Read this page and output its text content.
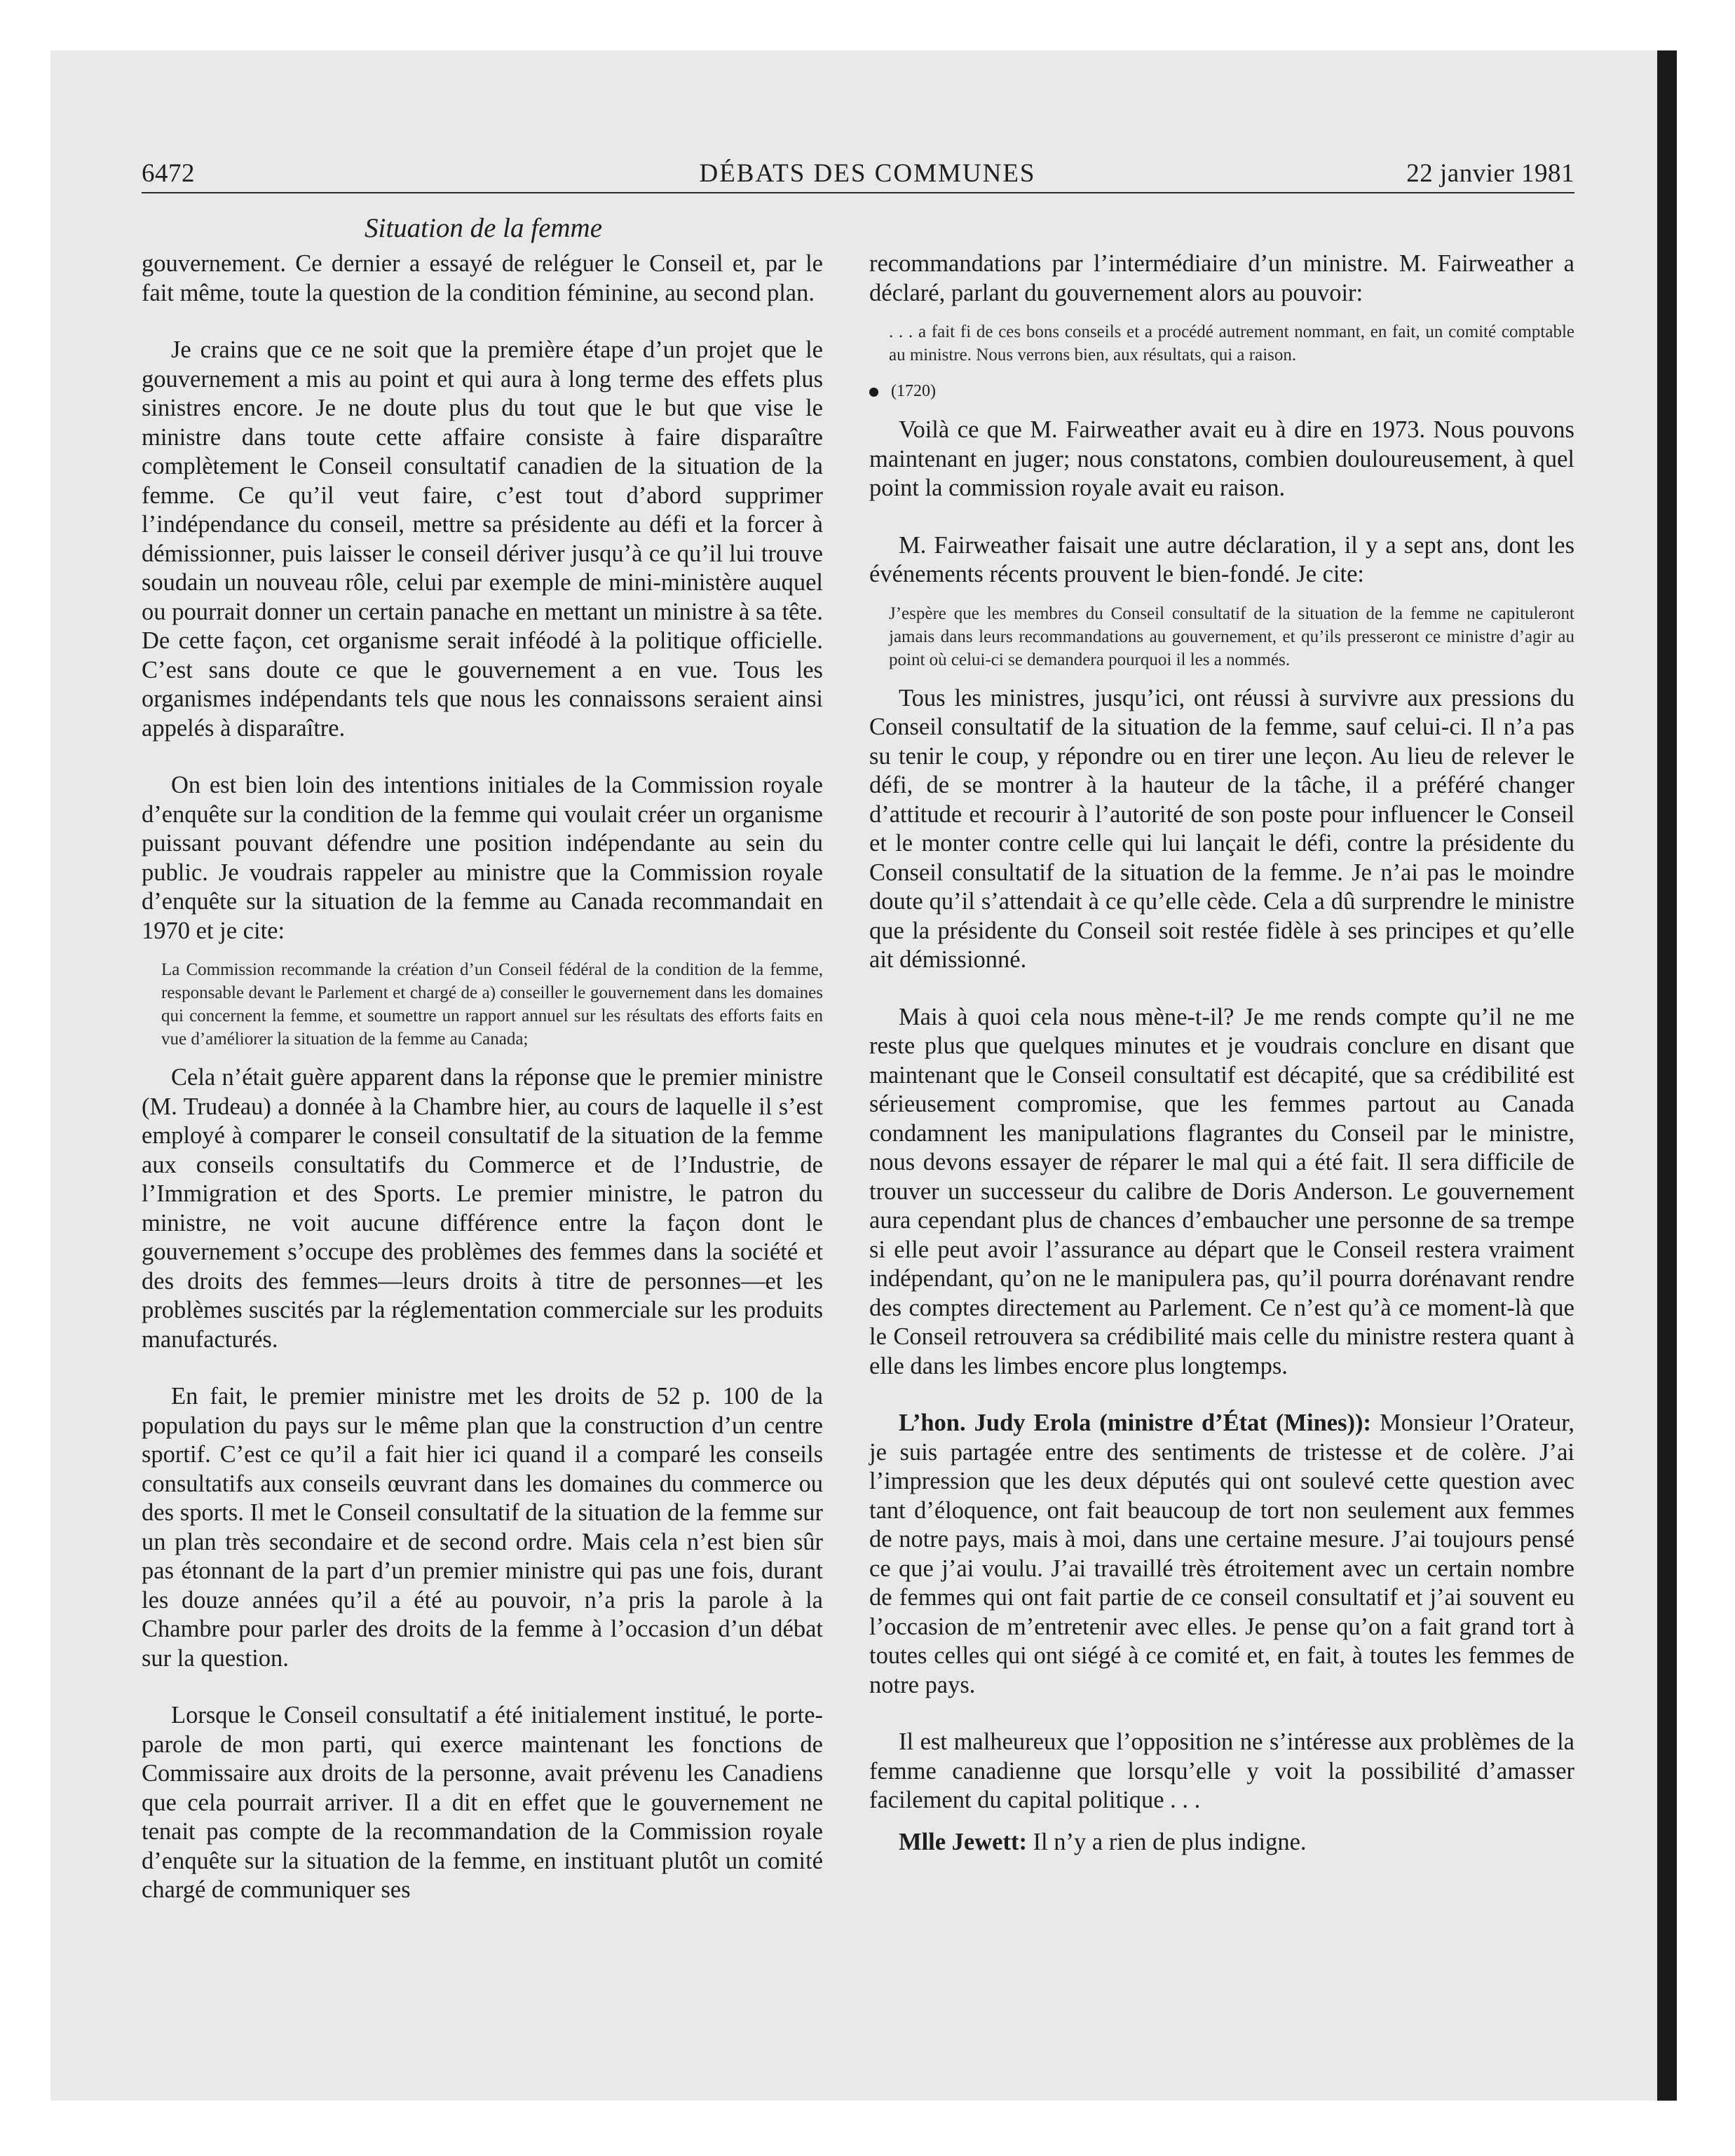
6472	DÉBATS DES COMMUNES	22 janvier 1981
Situation de la femme

gouvernement. Ce dernier a essayé de reléguer le Conseil et, par le fait même, toute la question de la condition féminine, au second plan.

Je crains que ce ne soit que la première étape d’un projet que le gouvernement a mis au point et qui aura à long terme des effets plus sinistres encore. Je ne doute plus du tout que le but que vise le ministre dans toute cette affaire consiste à faire disparaître complètement le Conseil consultatif canadien de la situation de la femme. Ce qu’il veut faire, c’est tout d’abord supprimer l’indépendance du conseil, mettre sa présidente au défi et la forcer à démissionner, puis laisser le conseil dériver jusqu’à ce qu’il lui trouve soudain un nouveau rôle, celui par exemple de mini-ministère auquel ou pourrait donner un certain panache en mettant un ministre à sa tête. De cette façon, cet organisme serait inféodé à la politique officielle. C’est sans doute ce que le gouvernement a en vue. Tous les organismes indépendants tels que nous les connaissons seraient ainsi appelés à disparaître.

On est bien loin des intentions initiales de la Commission royale d’enquête sur la condition de la femme qui voulait créer un organisme puissant pouvant défendre une position indépendante au sein du public. Je voudrais rappeler au ministre que la Commission royale d’enquête sur la situation de la femme au Canada recommandait en 1970 et je cite:

La Commission recommande la création d’un Conseil fédéral de la condition de la femme, responsable devant le Parlement et chargé de a) conseiller le gouvernement dans les domaines qui concernent la femme, et soumettre un rapport annuel sur les résultats des efforts faits en vue d’améliorer la situation de la femme au Canada;

Cela n’était guère apparent dans la réponse que le premier ministre (M. Trudeau) a donnée à la Chambre hier, au cours de laquelle il s’est employé à comparer le conseil consultatif de la situation de la femme aux conseils consultatifs du Commerce et de l’Industrie, de l’Immigration et des Sports. Le premier ministre, le patron du ministre, ne voit aucune différence entre la façon dont le gouvernement s’occupe des problèmes des femmes dans la société et des droits des femmes—leurs droits à titre de personnes—et les problèmes suscités par la réglementation commerciale sur les produits manufacturés.

En fait, le premier ministre met les droits de 52 p. 100 de la population du pays sur le même plan que la construction d’un centre sportif. C’est ce qu’il a fait hier ici quand il a comparé les conseils consultatifs aux conseils œuvrant dans les domaines du commerce ou des sports. Il met le Conseil consultatif de la situation de la femme sur un plan très secondaire et de second ordre. Mais cela n’est bien sûr pas étonnant de la part d’un premier ministre qui pas une fois, durant les douze années qu’il a été au pouvoir, n’a pris la parole à la Chambre pour parler des droits de la femme à l’occasion d’un débat sur la question.

Lorsque le Conseil consultatif a été initialement institué, le porte-parole de mon parti, qui exerce maintenant les fonctions de Commissaire aux droits de la personne, avait prévenu les Canadiens que cela pourrait arriver. Il a dit en effet que le gouvernement ne tenait pas compte de la recommandation de la Commission royale d’enquête sur la situation de la femme, en instituant plutôt un comité chargé de communiquer ses

recommandations par l’intermédiaire d’un ministre. M. Fairweather a déclaré, parlant du gouvernement alors au pouvoir:

. . . a fait fi de ces bons conseils et a procédé autrement nommant, en fait, un comité comptable au ministre. Nous verrons bien, aux résultats, qui a raison.
(1720)

Voilà ce que M. Fairweather avait eu à dire en 1973. Nous pouvons maintenant en juger; nous constatons, combien douloureusement, à quel point la commission royale avait eu raison.

M. Fairweather faisait une autre déclaration, il y a sept ans, dont les événements récents prouvent le bien-fondé. Je cite:

J’espère que les membres du Conseil consultatif de la situation de la femme ne capituleront jamais dans leurs recommandations au gouvernement, et qu’ils presseront ce ministre d’agir au point où celui-ci se demandera pourquoi il les a nommés.

Tous les ministres, jusqu’ici, ont réussi à survivre aux pressions du Conseil consultatif de la situation de la femme, sauf celui-ci. Il n’a pas su tenir le coup, y répondre ou en tirer une leçon. Au lieu de relever le défi, de se montrer à la hauteur de la tâche, il a préféré changer d’attitude et recourir à l’autorité de son poste pour influencer le Conseil et le monter contre celle qui lui lançait le défi, contre la présidente du Conseil consultatif de la situation de la femme. Je n’ai pas le moindre doute qu’il s’attendait à ce qu’elle cède. Cela a dû surprendre le ministre que la présidente du Conseil soit restée fidèle à ses principes et qu’elle ait démissionné.

Mais à quoi cela nous mène-t-il? Je me rends compte qu’il ne me reste plus que quelques minutes et je voudrais conclure en disant que maintenant que le Conseil consultatif est décapité, que sa crédibilité est sérieusement compromise, que les femmes partout au Canada condamnent les manipulations flagrantes du Conseil par le ministre, nous devons essayer de réparer le mal qui a été fait. Il sera difficile de trouver un successeur du calibre de Doris Anderson. Le gouvernement aura cependant plus de chances d’embaucher une personne de sa trempe si elle peut avoir l’assurance au départ que le Conseil restera vraiment indépendant, qu’on ne le manipulera pas, qu’il pourra dorénavant rendre des comptes directement au Parlement. Ce n’est qu’à ce moment-là que le Conseil retrouvera sa crédibilité mais celle du ministre restera quant à elle dans les limbes encore plus longtemps.

L’hon. Judy Erola (ministre d’État (Mines)): Monsieur l’Orateur, je suis partagée entre des sentiments de tristesse et de colère. J’ai l’impression que les deux députés qui ont soulevé cette question avec tant d’éloquence, ont fait beaucoup de tort non seulement aux femmes de notre pays, mais à moi, dans une certaine mesure. J’ai toujours pensé ce que j’ai voulu. J’ai travaillé très étroitement avec un certain nombre de femmes qui ont fait partie de ce conseil consultatif et j’ai souvent eu l’occasion de m’entretenir avec elles. Je pense qu’on a fait grand tort à toutes celles qui ont siégé à ce comité et, en fait, à toutes les femmes de notre pays.

Il est malheureux que l’opposition ne s’intéresse aux problèmes de la femme canadienne que lorsqu’elle y voit la possibilité d’amasser facilement du capital politique . . .

Mlle Jewett: Il n’y a rien de plus indigne.
